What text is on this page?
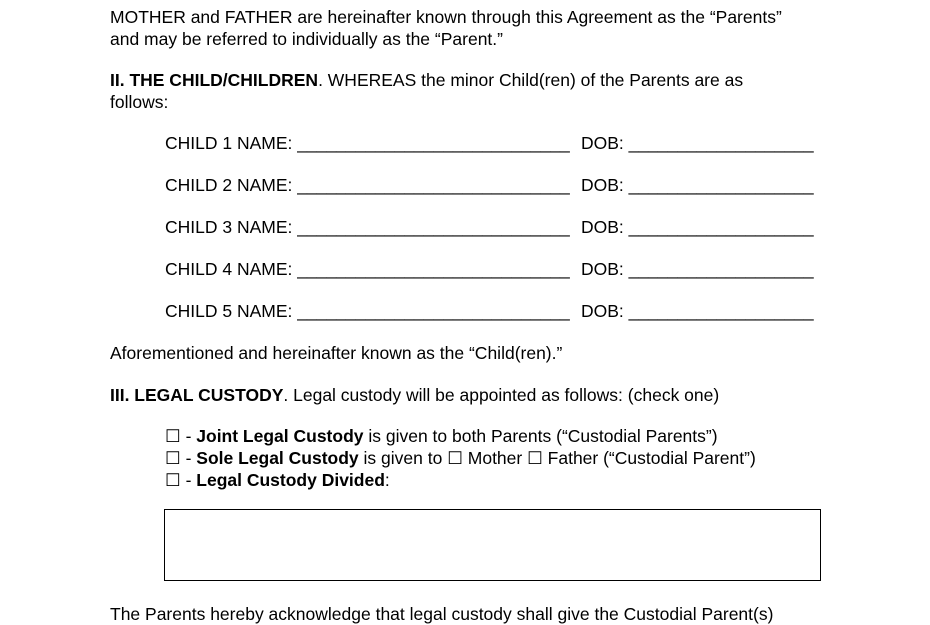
MOTHER and FATHER are hereinafter known through this Agreement as the “Parents”
and may be referred to individually as the “Parent.”
II. THE CHILD/CHILDREN. WHEREAS the minor Child(ren) of the Parents are as
follows:
CHILD 1 NAME: ____________________________ DOB: ___________________
CHILD 2 NAME: ____________________________ DOB: ___________________
CHILD 3 NAME: ____________________________ DOB: ___________________
CHILD 4 NAME: ____________________________ DOB: ___________________
CHILD 5 NAME: ____________________________ DOB: ___________________
Aforementioned and hereinafter known as the “Child(ren).”
III. LEGAL CUSTODY. Legal custody will be appointed as follows: (check one)
☐ - Joint Legal Custody is given to both Parents (“Custodial Parents”)
☐ - Sole Legal Custody is given to ☐ Mother ☐ Father (“Custodial Parent”)
☐ - Legal Custody Divided:
The Parents hereby acknowledge that legal custody shall give the Custodial Parent(s)
